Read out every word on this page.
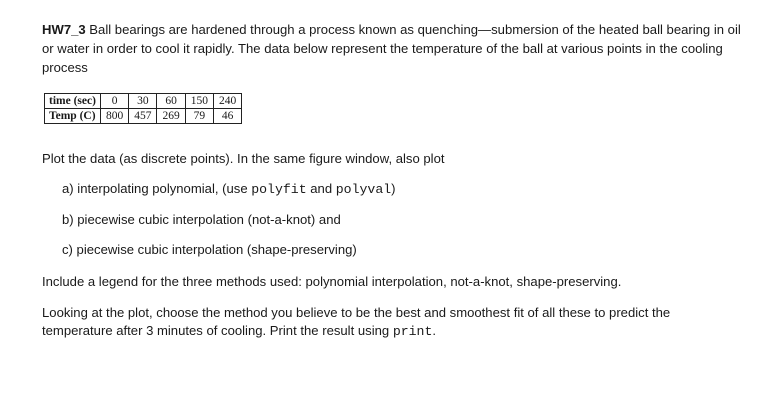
HW7_3 Ball bearings are hardened through a process known as quenching—submersion of the heated ball bearing in oil or water in order to cool it rapidly. The data below represent the temperature of the ball at various points in the cooling process

time (sec)	0	30	60	150	240
Temp (C)	800	457	269	79	46

Plot the data (as discrete points). In the same figure window, also plot

a) interpolating polynomial, (use polyfit and polyval)

b) piecewise cubic interpolation (not-a-knot) and

c) piecewise cubic interpolation (shape-preserving)

Include a legend for the three methods used: polynomial interpolation, not-a-knot, shape-preserving.

Looking at the plot, choose the method you believe to be the best and smoothest fit of all these to predict the temperature after 3 minutes of cooling. Print the result using print.
